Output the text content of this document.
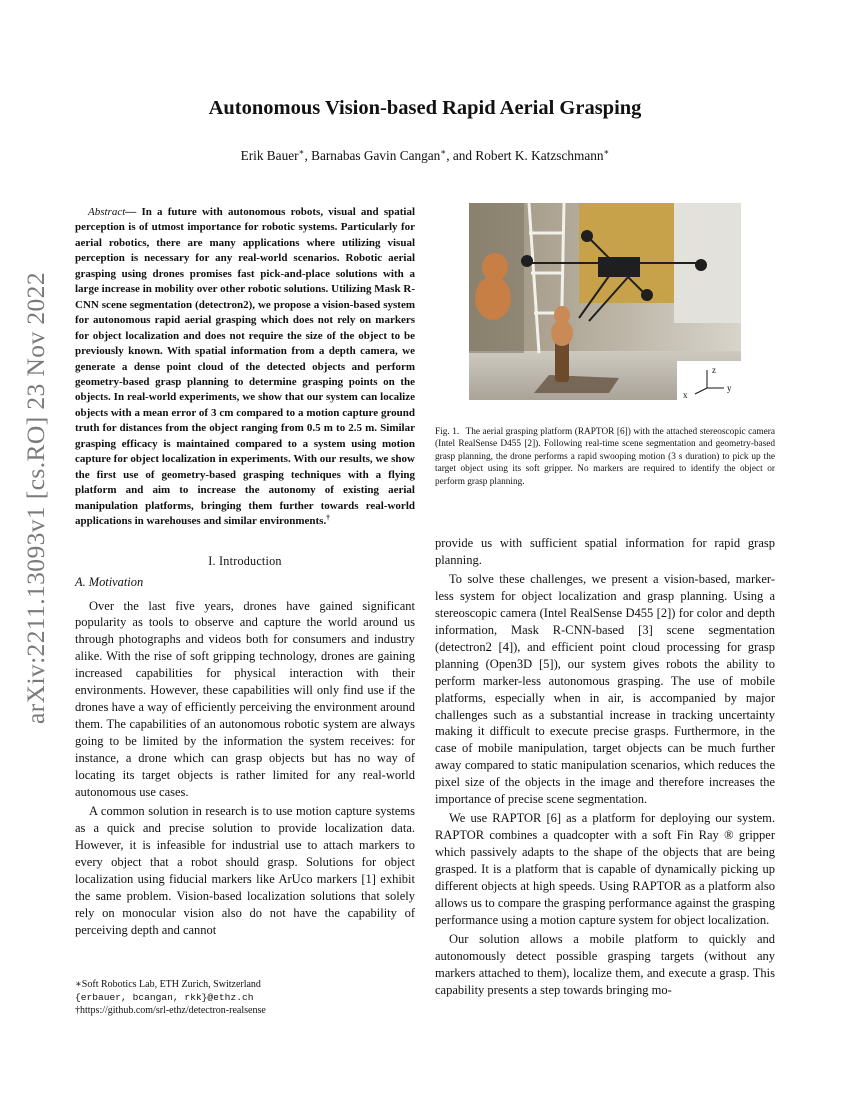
arXiv:2211.13093v1 [cs.RO] 23 Nov 2022
Autonomous Vision-based Rapid Aerial Grasping
Erik Bauer∗, Barnabas Gavin Cangan∗, and Robert K. Katzschmann∗

Abstract— In a future with autonomous robots, visual and spatial perception is of utmost importance for robotic systems. Particularly for aerial robotics, there are many applications where utilizing visual perception is necessary for any real-world scenarios. Robotic aerial grasping using drones promises fast pick-and-place solutions with a large increase in mobility over other robotic solutions. Utilizing Mask R-CNN scene segmentation (detectron2), we propose a vision-based system for autonomous rapid aerial grasping which does not rely on markers for object localization and does not require the size of the object to be previously known. With spatial information from a depth camera, we generate a dense point cloud of the detected objects and perform geometry-based grasp planning to determine grasping points on the objects. In real-world experiments, we show that our system can localize objects with a mean error of 3 cm compared to a motion capture ground truth for distances from the object ranging from 0.5 m to 2.5 m. Similar grasping efficacy is maintained compared to a system using motion capture for object localization in experiments. With our results, we show the first use of geometry-based grasping techniques with a flying platform and aim to increase the autonomy of existing aerial manipulation platforms, bringing them further towards real-world applications in warehouses and similar environments.†

I. Introduction
A. Motivation

Over the last five years, drones have gained significant popularity as tools to observe and capture the world around us through photographs and videos both for consumers and industry alike. With the rise of soft gripping technology, drones are gaining increased capabilities for physical interaction with their environments. However, these capabilities will only find use if the drones have a way of efficiently perceiving the environment around them. The capabilities of an autonomous robotic system are always going to be limited by the information the system receives: for instance, a drone which can grasp objects but has no way of locating its target objects is rather limited for any real-world autonomous use cases.

A common solution in research is to use motion capture systems as a quick and precise solution to provide localization data. However, it is infeasible for industrial use to attach markers to every object that a robot should grasp. Solutions for object localization using fiducial markers like ArUco markers [1] exhibit the same problem. Vision-based localization solutions that solely rely on monocular vision also do not have the capability of perceiving depth and cannot

∗Soft Robotics Lab, ETH Zurich, Switzerland
{erbauer, bcangan, rkk}@ethz.ch
†https://github.com/srl-ethz/detectron-realsense
z
y
x

Fig. 1. The aerial grasping platform (RAPTOR [6]) with the attached stereoscopic camera (Intel RealSense D455 [2]). Following real-time scene segmentation and geometry-based grasp planning, the drone performs a rapid swooping motion (3 s duration) to pick up the target object using its soft gripper. No markers are required to identify the object or perform grasp planning.

provide us with sufficient spatial information for rapid grasp planning.

To solve these challenges, we present a vision-based, marker-less system for object localization and grasp planning. Using a stereoscopic camera (Intel RealSense D455 [2]) for color and depth information, Mask R-CNN-based [3] scene segmentation (detectron2 [4]), and efficient point cloud processing for grasp planning (Open3D [5]), our system gives robots the ability to perform marker-less autonomous grasping. The use of mobile platforms, especially when in air, is accompanied by major challenges such as a substantial increase in tracking uncertainty making it difficult to execute precise grasps. Furthermore, in the case of mobile manipulation, target objects can be much further away compared to static manipulation scenarios, which reduces the pixel size of the objects in the image and therefore increases the importance of precise scene segmentation.

We use RAPTOR [6] as a platform for deploying our system. RAPTOR combines a quadcopter with a soft Fin Ray ® gripper which passively adapts to the shape of the objects that are being grasped. It is a platform that is capable of dynamically picking up different objects at high speeds. Using RAPTOR as a platform also allows us to compare the grasping performance against the grasping performance using a motion capture system for object localization.

Our solution allows a mobile platform to quickly and autonomously detect possible grasping targets (without any markers attached to them), localize them, and execute a grasp. This capability presents a step towards bringing mo-
